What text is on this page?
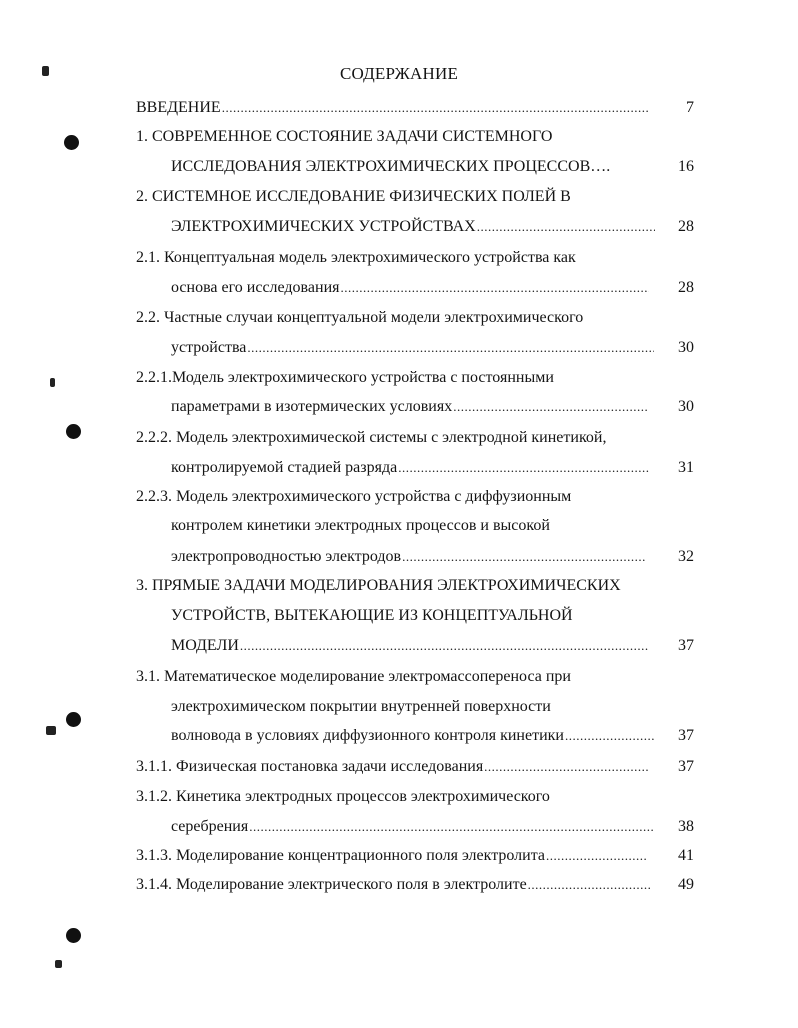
СОДЕРЖАНИЕ
ВВЕДЕНИЕ .....	7
1. СОВРЕМЕННОЕ СОСТОЯНИЕ ЗАДАЧИ СИСТЕМНОГО
ИССЛЕДОВАНИЯ ЭЛЕКТРОХИМИЧЕСКИХ ПРОЦЕССОВ….	16
2. СИСТЕМНОЕ ИССЛЕДОВАНИЕ ФИЗИЧЕСКИХ ПОЛЕЙ В
ЭЛЕКТРОХИМИЧЕСКИХ УСТРОЙСТВАХ .....	28
2.1. Концептуальная модель электрохимического устройства как
основа его исследования .....	28
2.2. Частные случаи концептуальной модели электрохимического
устройства .....	30
2.2.1.Модель электрохимического устройства с постоянными
параметрами в изотермических условиях .....	30
2.2.2. Модель электрохимической системы с электродной кинетикой,
контролируемой стадией разряда .....	31
2.2.3. Модель электрохимического устройства с диффузионным
контролем кинетики электродных процессов и высокой
электропроводностью электродов .....	32
3. ПРЯМЫЕ ЗАДАЧИ МОДЕЛИРОВАНИЯ ЭЛЕКТРОХИМИЧЕСКИХ
УСТРОЙСТВ, ВЫТЕКАЮЩИЕ ИЗ КОНЦЕПТУАЛЬНОЙ
МОДЕЛИ .....	37
3.1. Математическое моделирование электромассопереноса при
электрохимическом покрытии внутренней поверхности
волновода в условиях диффузионного контроля кинетики .....	37
3.1.1. Физическая постановка задачи исследования .....	37
3.1.2. Кинетика электродных процессов электрохимического
серебрения .....	38
3.1.3. Моделирование концентрационного поля электролита .....	41
3.1.4. Моделирование электрического поля в электролите .....	49
